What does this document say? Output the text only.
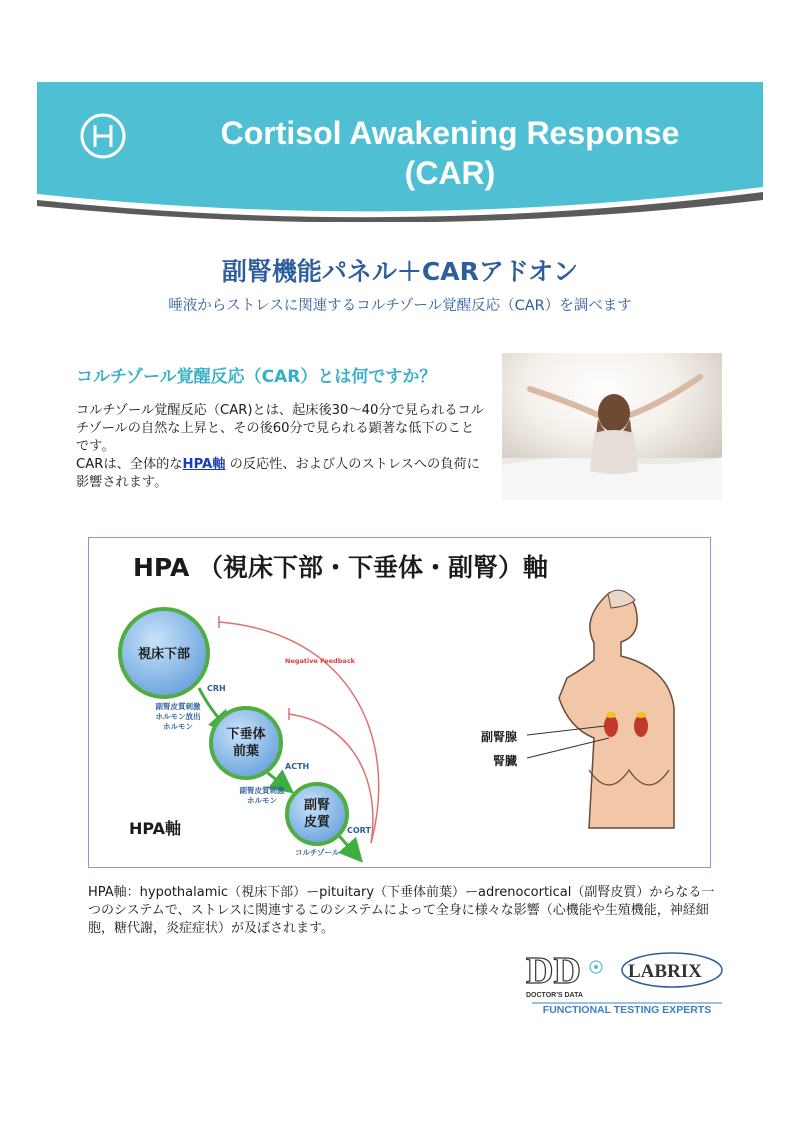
Cortisol Awakening Response
(CAR)
副腎機能パネル＋CARアドオン
唾液からストレスに関連するコルチゾール覚醒反応（CAR）を調べます
コルチゾール覚醒反応（CAR）とは何ですか？

コルチゾール覚醒反応（CAR)とは、起床後30〜40分で見られるコルチゾールの自然な上昇と、その後60分で見られる顕著な低下のことです。

CARは、全体的なHPA軸 の反応性、および人のストレスへの負荷に影響されます。

HPA （視床下部・下垂体・副腎）軸
視床下部
下垂体
前葉
副腎
皮質
CRH
副腎皮質刺激
ホルモン放出
ホルモン
ACTH
副腎皮質刺激
ホルモン
CORT
コルチゾール
Negative Feedback
HPA軸
副腎腺
腎臓
HPA軸：hypothalamic（視床下部）ーpituitary（下垂体前葉）ーadrenocortical（副腎皮質）からなる一つのシステムで、ストレスに関連するこのシステムによって全身に様々な影響（心機能や生殖機能，神経細胞，糖代謝，炎症症状）が及ぼされます。
DD LABRIX
DOCTOR'S DATA
FUNCTIONAL TESTING EXPERTS
